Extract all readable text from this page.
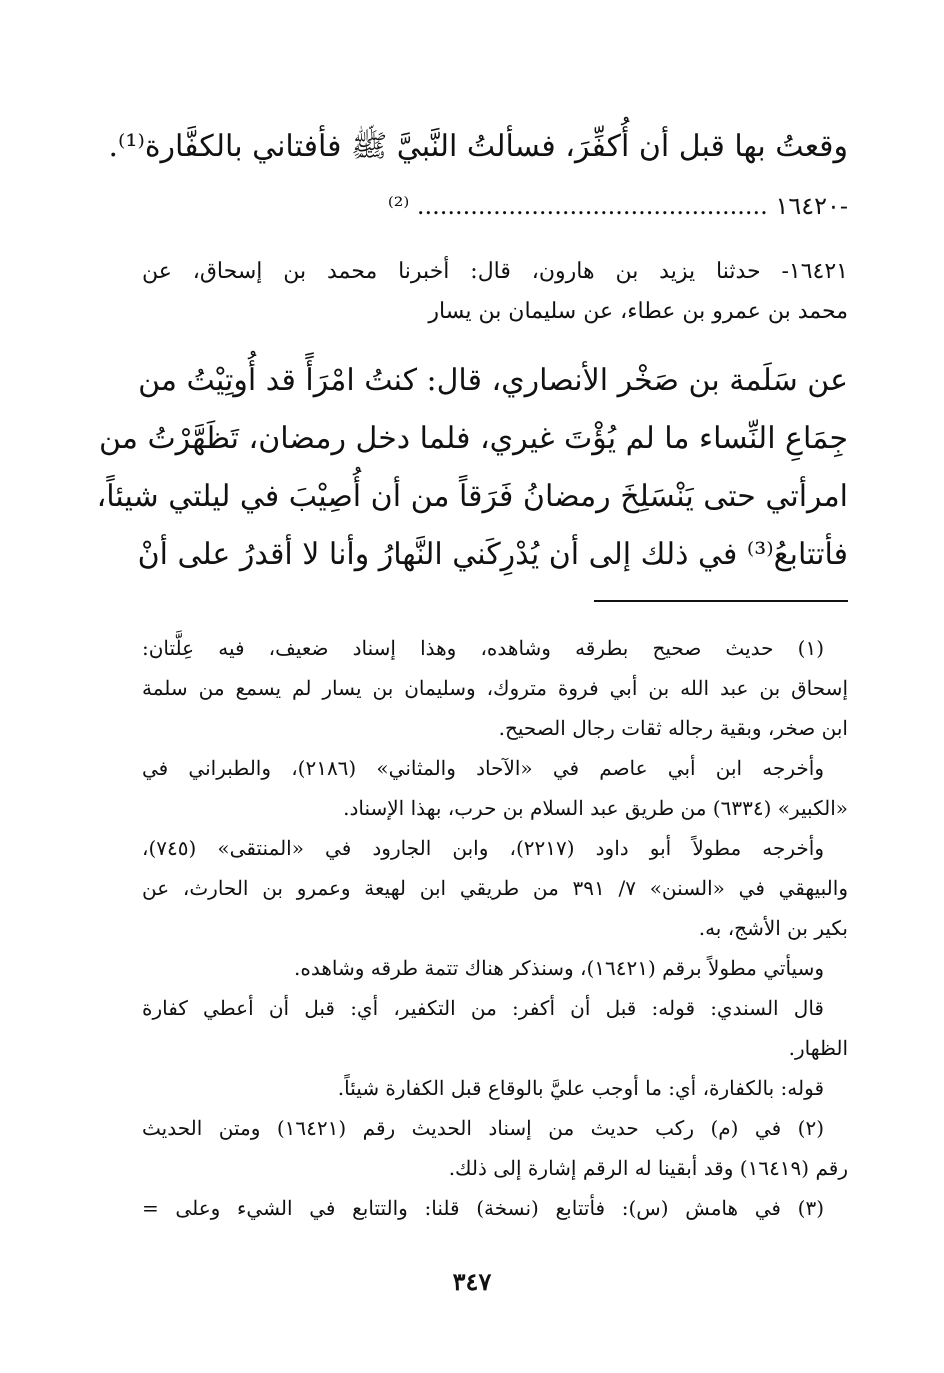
وقعتُ بها قبل أن أُكفِّرَ، فسألتُ النَّبيَّ ﷺ فأفتاني بالكفَّارة⁽¹⁾.
-١٦٤٢٠ .............................................. ⁽²⁾
١٦٤٢١- حدثنا يزيد بن هارون، قال: أخبرنا محمد بن إسحاق، عن
محمد بن عمرو بن عطاء، عن سليمان بن يسار
عن سَلَمة بن صَخْر الأنصاري، قال: كنتُ امْرَأً قد أُوتِيْتُ من
جِمَاعِ النِّساء ما لم يُؤْتَ غيري، فلما دخل رمضان، تَظَهَّرْتُ من
امرأتي حتى يَنْسَلِخَ رمضانُ فَرَقاً من أن أُصِيْبَ في ليلتي شيئاً،
فأتتابعُ⁽³⁾ في ذلك إلى أن يُدْرِكَني النَّهارُ وأنا لا أقدرُ على أنْ
(١) حديث صحيح بطرقه وشاهده، وهذا إسناد ضعيف، فيه عِلَّتان:
إسحاق بن عبد الله بن أبي فروة متروك، وسليمان بن يسار لم يسمع من سلمة
ابن صخر، وبقية رجاله ثقات رجال الصحيح.
وأخرجه ابن أبي عاصم في «الآحاد والمثاني» (٢١٨٦)، والطبراني في
«الكبير» (٦٣٣٤) من طريق عبد السلام بن حرب، بهذا الإسناد.
وأخرجه مطولاً أبو داود (٢٢١٧)، وابن الجارود في «المنتقى» (٧٤٥)،
والبيهقي في «السنن» ٧/ ٣٩١ من طريقي ابن لهيعة وعمرو بن الحارث، عن
بكير بن الأشج، به.
وسيأتي مطولاً برقم (١٦٤٢١)، وسنذكر هناك تتمة طرقه وشاهده.
قال السندي: قوله: قبل أن أكفر: من التكفير، أي: قبل أن أعطي كفارة
الظهار.
قوله: بالكفارة، أي: ما أوجب عليَّ بالوقاع قبل الكفارة شيئاً.
(٢) في (م) ركب حديث من إسناد الحديث رقم (١٦٤٢١) ومتن الحديث
رقم (١٦٤١٩) وقد أبقينا له الرقم إشارة إلى ذلك.
(٣) في هامش (س): فأتتابع (نسخة) قلنا: والتتابع في الشيء وعلى =
٣٤٧
